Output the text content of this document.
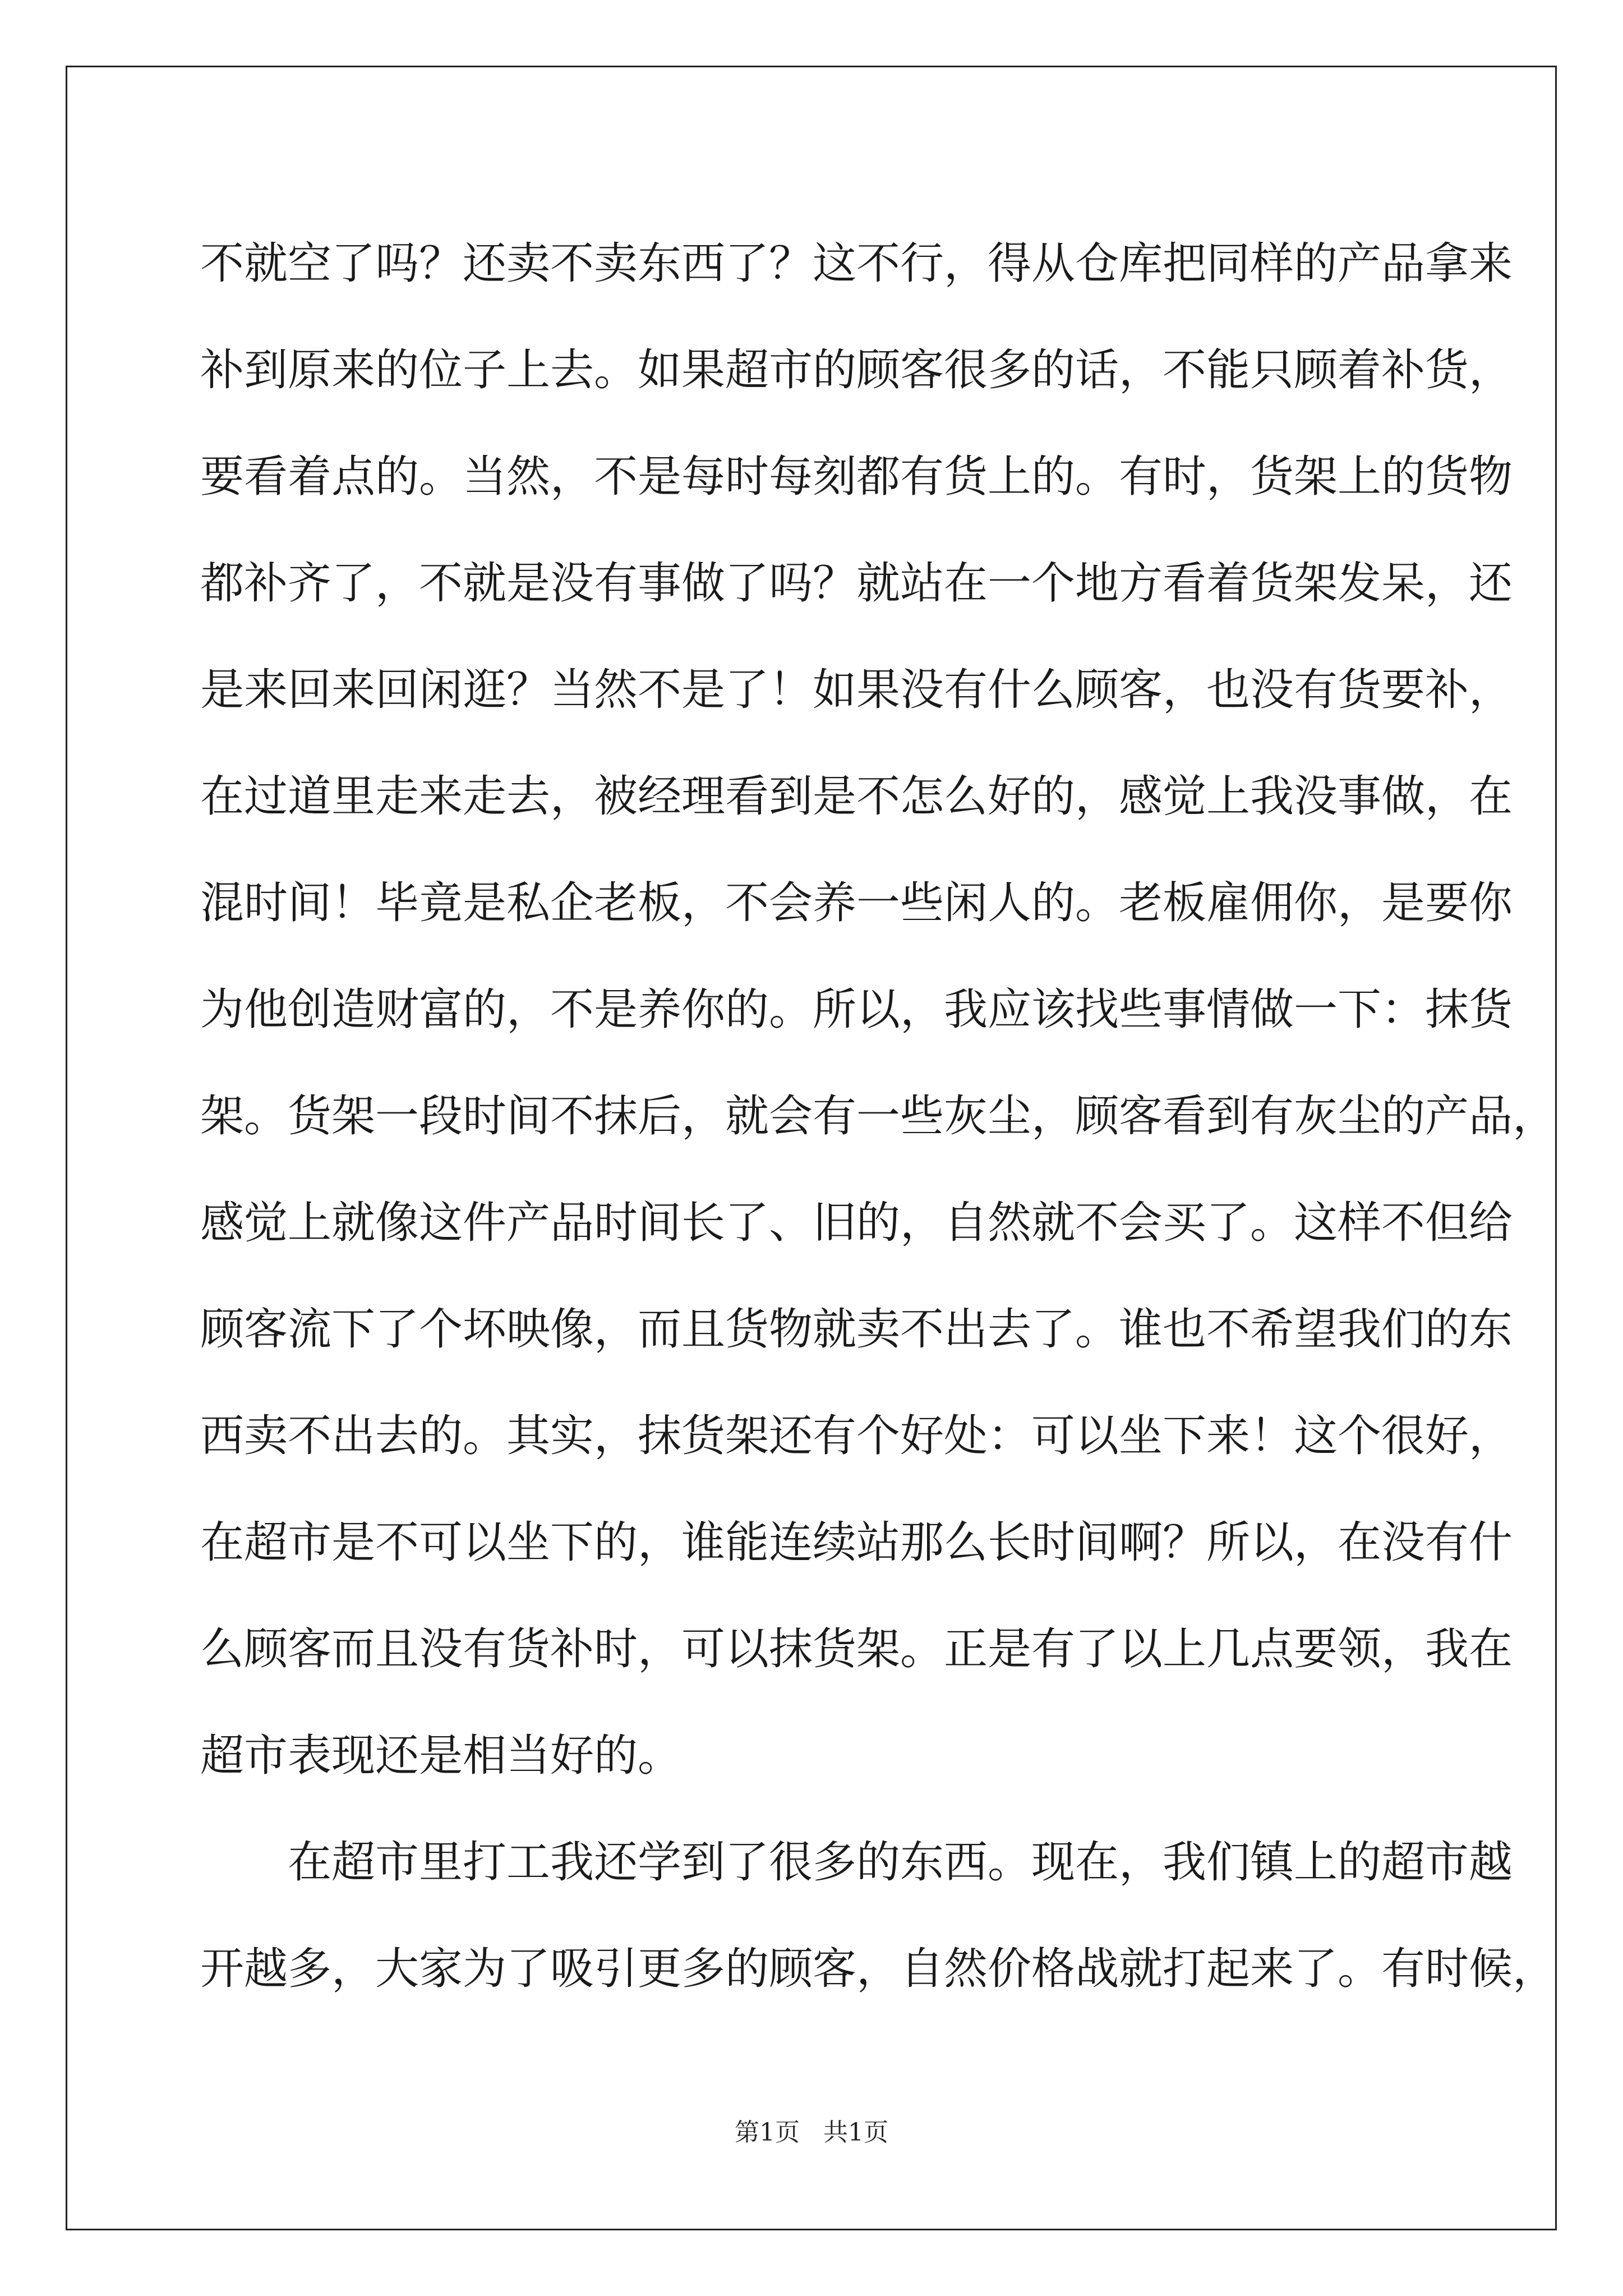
不就空了吗？还卖不卖东西了？这不行，得从仓库把同样的产品拿来
补到原来的位子上去。如果超市的顾客很多的话，不能只顾着补货，
要看着点的。当然，不是每时每刻都有货上的。有时，货架上的货物
都补齐了，不就是没有事做了吗？就站在一个地方看着货架发呆，还
是来回来回闲逛？当然不是了！如果没有什么顾客，也没有货要补，
在过道里走来走去，被经理看到是不怎么好的，感觉上我没事做，在
混时间！毕竟是私企老板，不会养一些闲人的。老板雇佣你，是要你
为他创造财富的，不是养你的。所以，我应该找些事情做一下：抹货
架。货架一段时间不抹后，就会有一些灰尘，顾客看到有灰尘的产品，
感觉上就像这件产品时间长了、旧的，自然就不会买了。这样不但给
顾客流下了个坏映像，而且货物就卖不出去了。谁也不希望我们的东
西卖不出去的。其实，抹货架还有个好处：可以坐下来！这个很好，
在超市是不可以坐下的，谁能连续站那么长时间啊？所以，在没有什
么顾客而且没有货补时，可以抹货架。正是有了以上几点要领，我在
超市表现还是相当好的。
在超市里打工我还学到了很多的东西。现在，我们镇上的超市越
开越多，大家为了吸引更多的顾客，自然价格战就打起来了。有时候，
第1页   共1页
